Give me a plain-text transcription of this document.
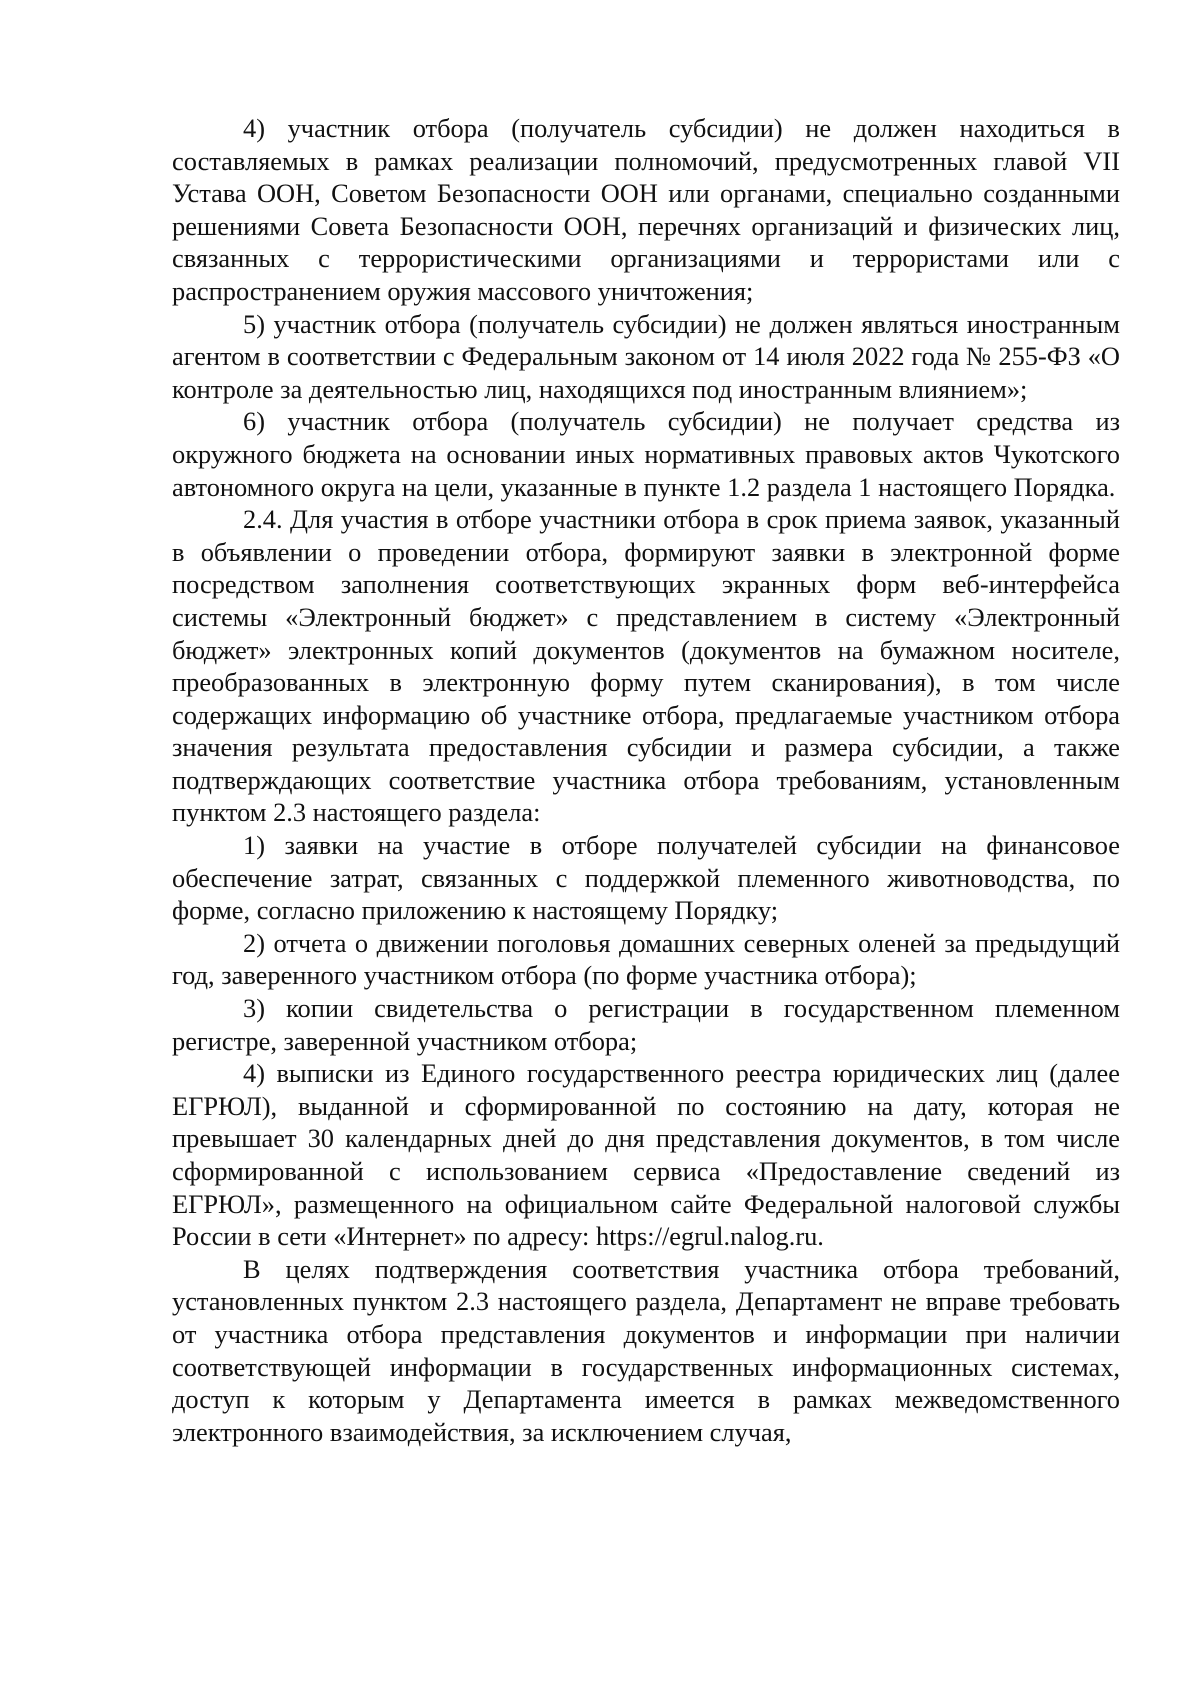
4) участник отбора (получатель субсидии) не должен находиться в составляемых в рамках реализации полномочий, предусмотренных главой VII Устава ООН, Советом Безопасности ООН или органами, специально созданными решениями Совета Безопасности ООН, перечнях организаций и физических лиц, связанных с террористическими организациями и террористами или с распространением оружия массового уничтожения;

5) участник отбора (получатель субсидии) не должен являться иностранным агентом в соответствии с Федеральным законом от 14 июля 2022 года № 255-ФЗ «О контроле за деятельностью лиц, находящихся под иностранным влиянием»;

6) участник отбора (получатель субсидии) не получает средства из окружного бюджета на основании иных нормативных правовых актов Чукотского автономного округа на цели, указанные в пункте 1.2 раздела 1 настоящего Порядка.

2.4. Для участия в отборе участники отбора в срок приема заявок, указанный в объявлении о проведении отбора, формируют заявки в электронной форме посредством заполнения соответствующих экранных форм веб-интерфейса системы «Электронный бюджет» с представлением в систему «Электронный бюджет» электронных копий документов (документов на бумажном носителе, преобразованных в электронную форму путем сканирования), в том числе содержащих информацию об участнике отбора, предлагаемые участником отбора значения результата предоставления субсидии и размера субсидии, а также подтверждающих соответствие участника отбора требованиям, установленным пунктом 2.3 настоящего раздела:

1) заявки на участие в отборе получателей субсидии на финансовое обеспечение затрат, связанных с поддержкой племенного животноводства, по форме, согласно приложению к настоящему Порядку;

2) отчета о движении поголовья домашних северных оленей за предыдущий год, заверенного участником отбора (по форме участника отбора);

3) копии свидетельства о регистрации в государственном племенном регистре, заверенной участником отбора;

4) выписки из Единого государственного реестра юридических лиц (далее ЕГРЮЛ), выданной и сформированной по состоянию на дату, которая не превышает 30 календарных дней до дня представления документов, в том числе сформированной с использованием сервиса «Предоставление сведений из ЕГРЮЛ», размещенного на официальном сайте Федеральной налоговой службы России в сети «Интернет» по адресу: https://egrul.nalog.ru.

В целях подтверждения соответствия участника отбора требований, установленных пунктом 2.3 настоящего раздела, Департамент не вправе требовать от участника отбора представления документов и информации при наличии соответствующей информации в государственных информационных системах, доступ к которым у Департамента имеется в рамках межведомственного электронного взаимодействия, за исключением случая,
